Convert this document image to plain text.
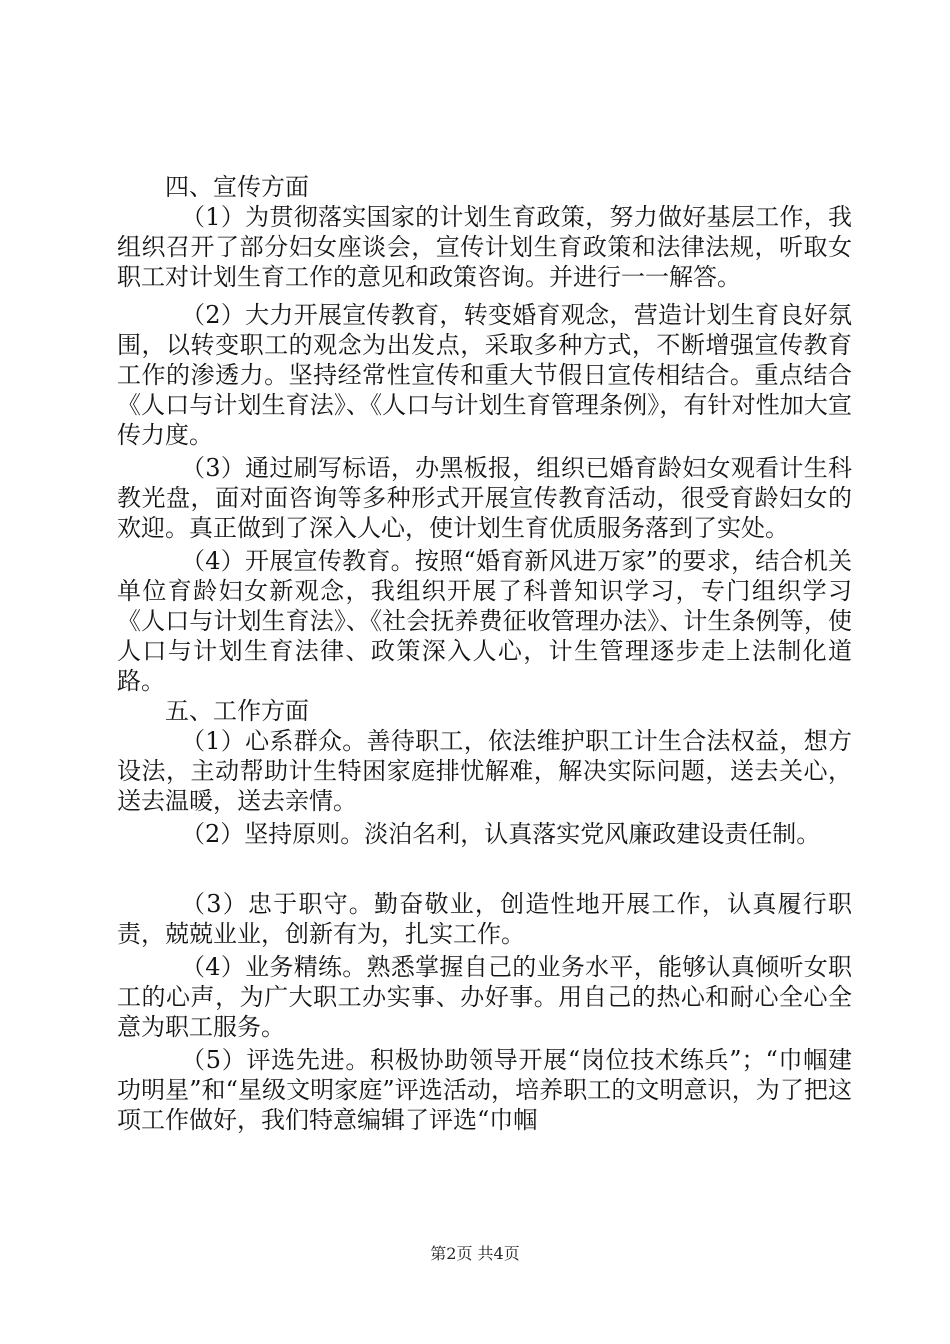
四、宣传方面

（1）为贯彻落实国家的计划生育政策，努力做好基层工作，我组织召开了部分妇女座谈会，宣传计划生育政策和法律法规，听取女职工对计划生育工作的意见和政策咨询。并进行一一解答。

（2）大力开展宣传教育，转变婚育观念，营造计划生育良好氛围，以转变职工的观念为出发点，采取多种方式，不断增强宣传教育工作的渗透力。坚持经常性宣传和重大节假日宣传相结合。重点结合《人口与计划生育法》、《人口与计划生育管理条例》，有针对性加大宣传力度。

（3）通过刷写标语，办黑板报，组织已婚育龄妇女观看计生科教光盘，面对面咨询等多种形式开展宣传教育活动，很受育龄妇女的欢迎。真正做到了深入人心，使计划生育优质服务落到了实处。

（4）开展宣传教育。按照“婚育新风进万家”的要求，结合机关单位育龄妇女新观念，我组织开展了科普知识学习，专门组织学习《人口与计划生育法》、《社会抚养费征收管理办法》、计生条例等，使人口与计划生育法律、政策深入人心，计生管理逐步走上法制化道路。

五、工作方面

（1）心系群众。善待职工，依法维护职工计生合法权益，想方设法，主动帮助计生特困家庭排忧解难，解决实际问题，送去关心，送去温暖，送去亲情。

（2）坚持原则。淡泊名利，认真落实党风廉政建设责任制。

（3）忠于职守。勤奋敬业，创造性地开展工作，认真履行职责，兢兢业业，创新有为，扎实工作。

（4）业务精练。熟悉掌握自己的业务水平，能够认真倾听女职工的心声，为广大职工办实事、办好事。用自己的热心和耐心全心全意为职工服务。

（5）评选先进。积极协助领导开展“岗位技术练兵”；“巾帼建功明星”和“星级文明家庭”评选活动，培养职工的文明意识，为了把这项工作做好，我们特意编辑了评选“巾帼

第2页 共4页
